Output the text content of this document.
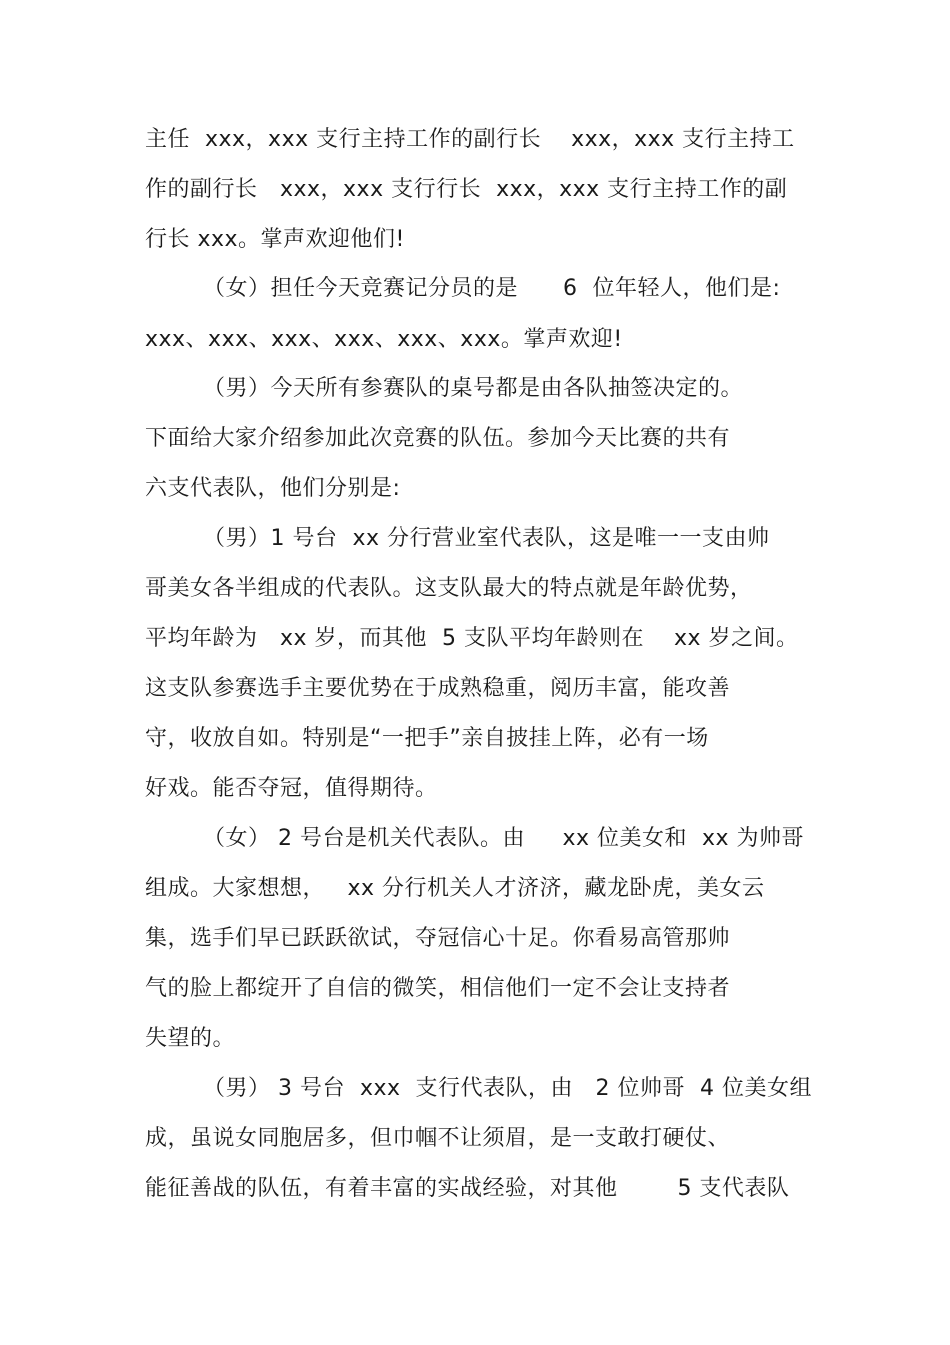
主任  xxx，xxx 支行主持工作的副行长    xxx，xxx 支行主持工
作的副行长   xxx，xxx 支行行长  xxx，xxx 支行主持工作的副
行长 xxx。掌声欢迎他们!
（女）担任今天竞赛记分员的是      6  位年轻人，他们是:
xxx、xxx、xxx、xxx、xxx、xxx。掌声欢迎!
（男）今天所有参赛队的桌号都是由各队抽签决定的。
下面给大家介绍参加此次竞赛的队伍。参加今天比赛的共有
六支代表队，他们分别是:
（男）1 号台  xx 分行营业室代表队，这是唯一一支由帅
哥美女各半组成的代表队。这支队最大的特点就是年龄优势，
平均年龄为   xx 岁，而其他  5 支队平均年龄则在    xx 岁之间。
这支队参赛选手主要优势在于成熟稳重，阅历丰富，能攻善
守，收放自如。特别是“一把手”亲自披挂上阵，必有一场
好戏。能否夺冠，值得期待。
（女） 2 号台是机关代表队。由     xx 位美女和  xx 为帅哥
组成。大家想想，   xx 分行机关人才济济，藏龙卧虎，美女云
集，选手们早已跃跃欲试，夺冠信心十足。你看易高管那帅
气的脸上都绽开了自信的微笑，相信他们一定不会让支持者
失望的。
（男） 3 号台  xxx  支行代表队，由   2 位帅哥  4 位美女组
成，虽说女同胞居多，但巾帼不让须眉，是一支敢打硬仗、
能征善战的队伍，有着丰富的实战经验，对其他        5 支代表队
